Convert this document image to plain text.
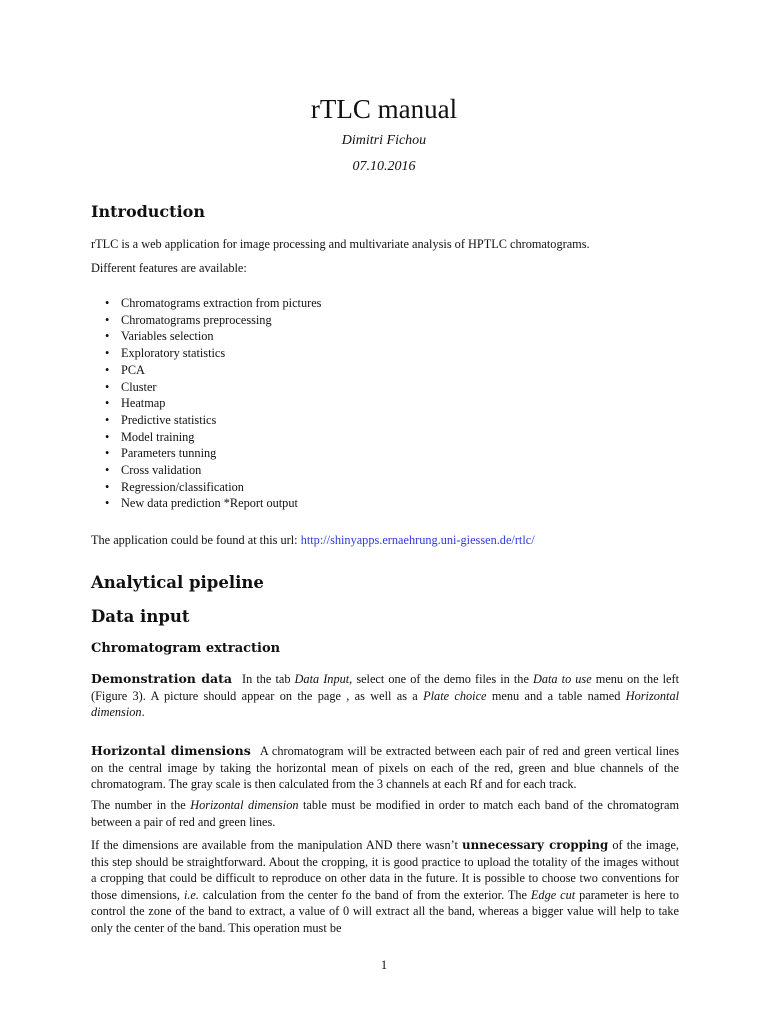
rTLC manual
Dimitri Fichou
07.10.2016
Introduction
rTLC is a web application for image processing and multivariate analysis of HPTLC chromatograms.
Different features are available:
• Chromatograms extraction from pictures
• Chromatograms preprocessing
• Variables selection
• Exploratory statistics
• PCA
• Cluster
• Heatmap
• Predictive statistics
• Model training
• Parameters tunning
• Cross validation
• Regression/classification
• New data prediction *Report output
The application could be found at this url: http://shinyapps.ernaehrung.uni-giessen.de/rtlc/
Analytical pipeline
Data input
Chromatogram extraction
Demonstration data In the tab Data Input, select one of the demo files in the Data to use menu on the left (Figure 3). A picture should appear on the page , as well as a Plate choice menu and a table named Horizontal dimension.
Horizontal dimensions A chromatogram will be extracted between each pair of red and green vertical lines on the central image by taking the horizontal mean of pixels on each of the red, green and blue channels of the chromatogram. The gray scale is then calculated from the 3 channels at each Rf and for each track.
The number in the Horizontal dimension table must be modified in order to match each band of the chromatogram between a pair of red and green lines.
If the dimensions are available from the manipulation AND there wasn’t unnecessary cropping of the image, this step should be straightforward. About the cropping, it is good practice to upload the totality of the images without a cropping that could be difficult to reproduce on other data in the future. It is possible to choose two conventions for those dimensions, i.e. calculation from the center fo the band of from the exterior. The Edge cut parameter is here to control the zone of the band to extract, a value of 0 will extract all the band, whereas a bigger value will help to take only the center of the band. This operation must be
1
